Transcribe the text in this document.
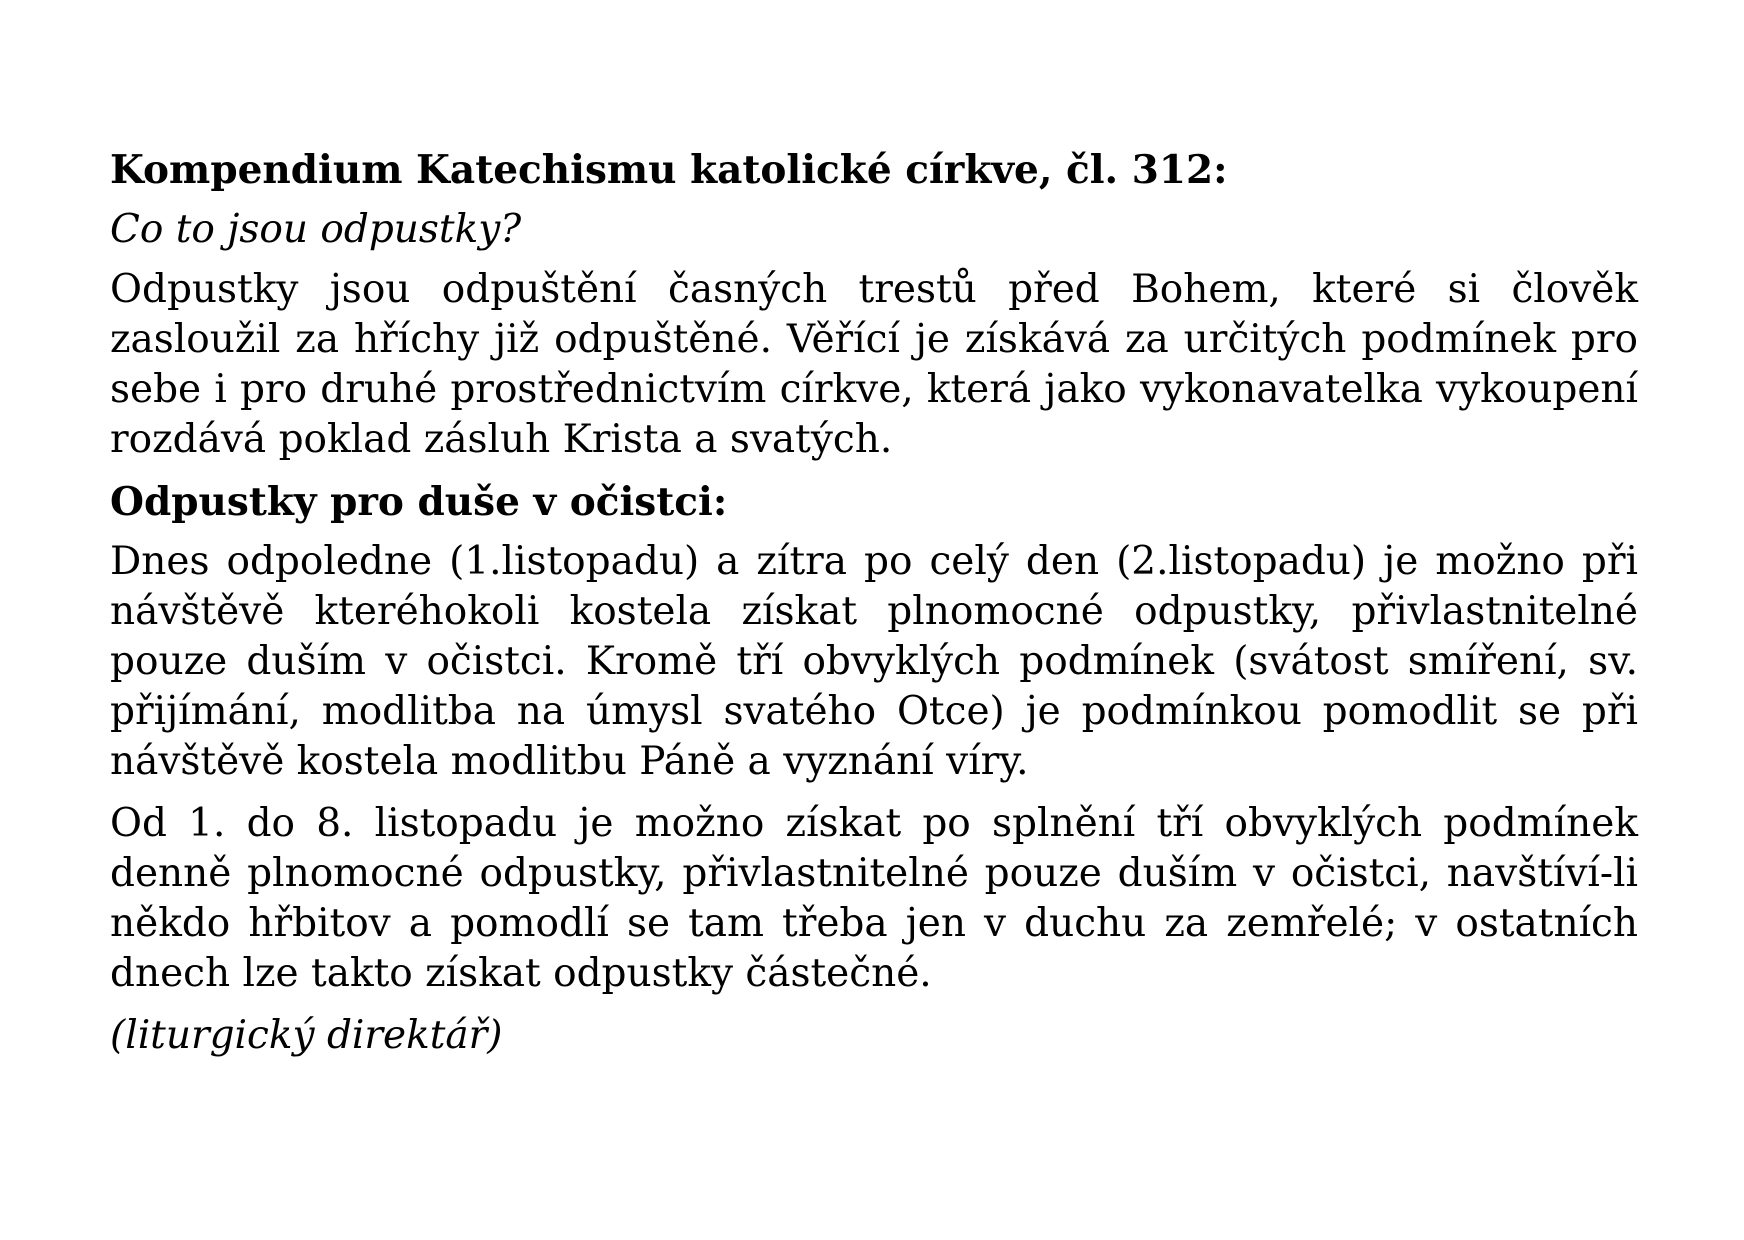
Kompendium Katechismu katolické církve, čl. 312:
Co to jsou odpustky?
Odpustky jsou odpuštění časných trestů před Bohem, které si člověk zasloužil za hříchy již odpuštěné. Věřící je získává za určitých podmínek pro sebe i pro druhé prostřednictvím církve, která jako vykonavatelka vykoupení rozdává poklad zásluh Krista a svatých.
Odpustky pro duše v očistci:
Dnes odpoledne (1.listopadu) a zítra po celý den (2.listopadu) je možno při návštěvě kteréhokoli kostela získat plnomocné odpustky, přivlastnitelné pouze duším v očistci. Kromě tří obvyklých podmínek (svátost smíření, sv. přijímání, modlitba na úmysl svatého Otce) je podmínkou pomodlit se při návštěvě kostela modlitbu Páně a vyznání víry.
Od 1. do 8. listopadu je možno získat po splnění tří obvyklých podmínek denně plnomocné odpustky, přivlastnitelné pouze duším v očistci, navštíví-li někdo hřbitov a pomodlí se tam třeba jen v duchu za zemřelé; v ostatních dnech lze takto získat odpustky částečné.
(liturgický direktář)
